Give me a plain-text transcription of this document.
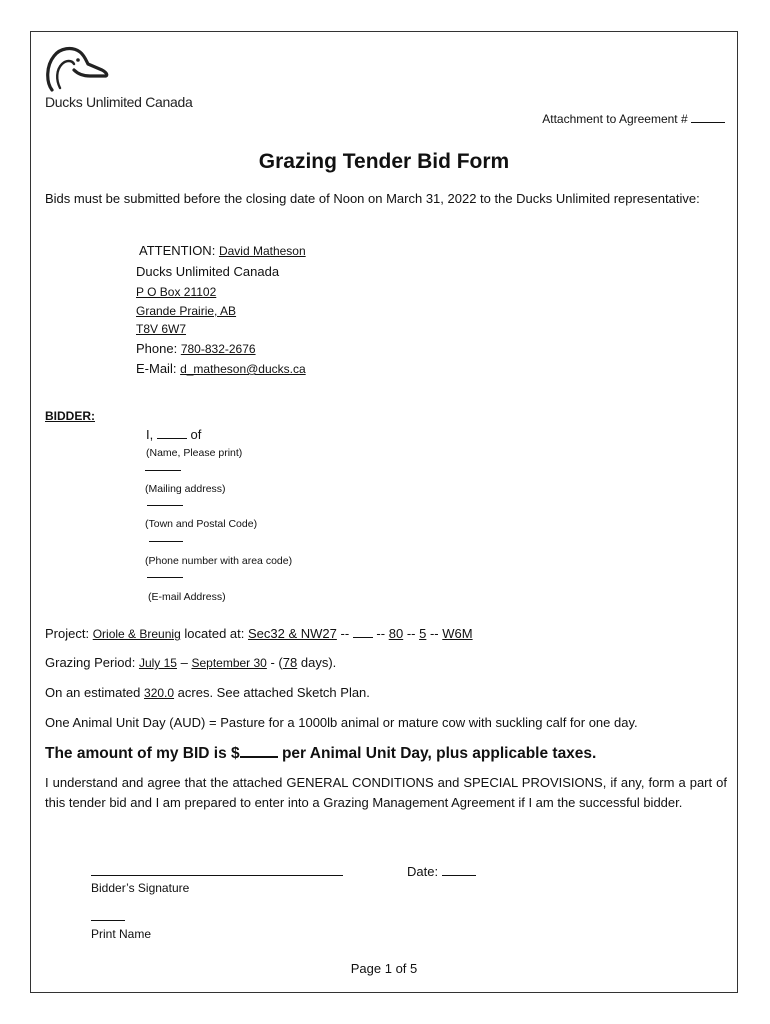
Ducks Unlimited Canada
Attachment to Agreement #
Grazing Tender Bid Form
Bids must be submitted before the closing date of Noon on March 31, 2022 to the Ducks Unlimited representative:
ATTENTION: David Matheson
Ducks Unlimited Canada
P O Box 21102
Grande Prairie, AB
T8V 6W7
Phone: 780-832-2676
E-Mail: d_matheson@ducks.ca
BIDDER:
I,	of
(Name, Please print)
(Mailing address)
(Town and Postal Code)
(Phone number with area code)
(E-mail Address)
Project: Oriole & Breunig located at: Sec32 & NW27 -- -- 80 -- 5 -- W6M
Grazing Period: July 15 – September 30 - (78 days).
On an estimated 320.0 acres. See attached Sketch Plan.
One Animal Unit Day (AUD) = Pasture for a 1000lb animal or mature cow with suckling calf for one day.
The amount of my BID is $	per Animal Unit Day, plus applicable taxes.
I understand and agree that the attached GENERAL CONDITIONS and SPECIAL PROVISIONS, if any, form a part of this tender bid and I am prepared to enter into a Grazing Management Agreement if I am the successful bidder.
Date:
Bidder’s Signature
Print Name
Page 1 of 5
